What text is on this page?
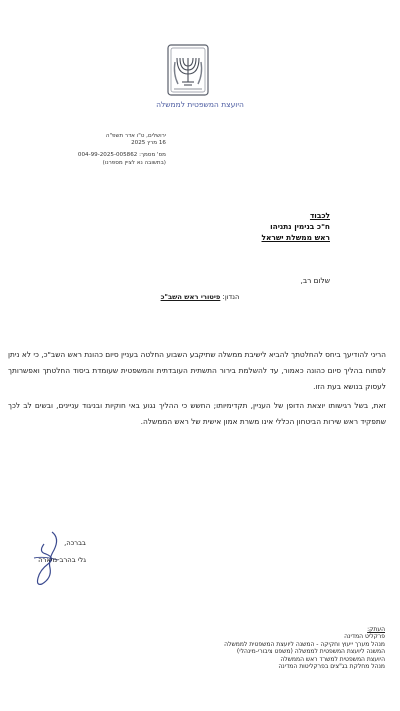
היועצת המשפטית לממשלה
ירושלים, ט"ו אדר תשפ"ה
16 מרץ 2025
מס' מסמך: 004-99-2025-005862
(בתשובה נא לציין מספרנו)
לכבוד
ח"כ בנימין נתניהו
ראש ממשלת ישראל
שלום רב,
הנדון: פיטורי ראש השב"כ
הריני להודיעך ביחס להחלטתך להביא לישיבת ממשלה שתיקבע השבוע החלטה בעניין סיום כהונת ראש השב"כ, כי לא ניתן לפתוח בהליך סיום כהונה כאמור, עד להשלמת בירור התשתית העובדתית והמשפטית שעומדת ביסוד החלטתך ואפשרותך לעסוק בנושא בעת הזו.
זאת, בשל רגישותו יוצאת הדופן של העניין, תקדימיותו; החשש כי ההליך נגוע באי חוקיות ובניגוד עניינים, ובשים לב לכך שתפקיד ראש שירות הביטחון הכללי אינו משרת אמון אישית של ראש הממשלה.
בברכה,
גלי בהרב-מיארה
העתק:
פרקליט המדינה
מנהל מערך ייעוץ וחקיקה - המשנה ליועצת המשפטית לממשלה
המשנה ליועצת המשפטית לממשלה (משפט ציבורי-מינהלי)
היועצת המשפטית למשרד ראש הממשלה
מנהל מחלקת בג"צים בפרקליטות המדינה
